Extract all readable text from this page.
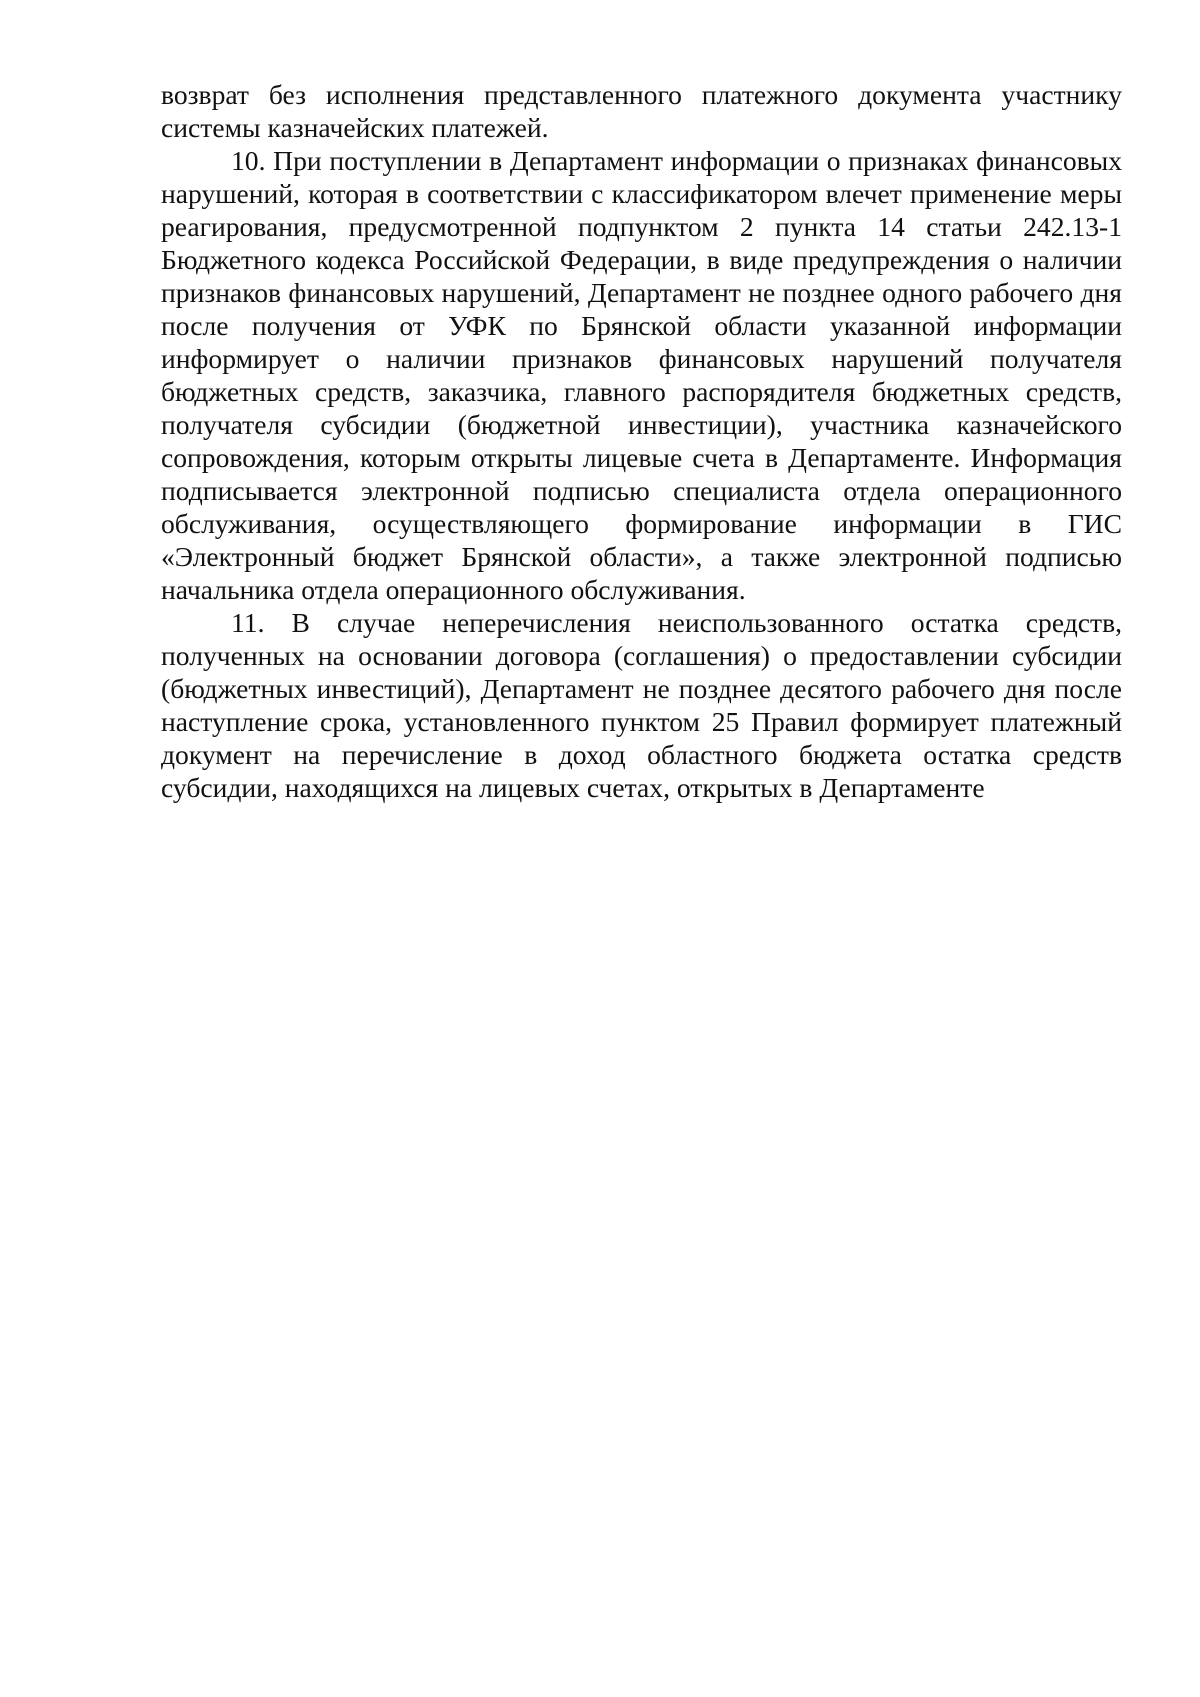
возврат без исполнения представленного платежного документа участнику системы казначейских платежей.

10. При поступлении в Департамент информации о признаках финансовых нарушений, которая в соответствии с классификатором влечет применение меры реагирования, предусмотренной подпунктом 2 пункта 14 статьи 242.13-1 Бюджетного кодекса Российской Федерации, в виде предупреждения о наличии признаков финансовых нарушений, Департамент не позднее одного рабочего дня после получения от УФК по Брянской области указанной информации информирует о наличии признаков финансовых нарушений получателя бюджетных средств, заказчика, главного распорядителя бюджетных средств, получателя субсидии (бюджетной инвестиции), участника казначейского сопровождения, которым открыты лицевые счета в Департаменте. Информация подписывается электронной подписью специалиста отдела операционного обслуживания, осуществляющего формирование информации в ГИС «Электронный бюджет Брянской области», а также электронной подписью начальника отдела операционного обслуживания.

11. В случае неперечисления неиспользованного остатка средств, полученных на основании договора (соглашения) о предоставлении субсидии (бюджетных инвестиций), Департамент не позднее десятого рабочего дня после наступление срока, установленного пунктом 25 Правил формирует платежный документ на перечисление в доход областного бюджета остатка средств субсидии, находящихся на лицевых счетах, открытых в Департаменте
